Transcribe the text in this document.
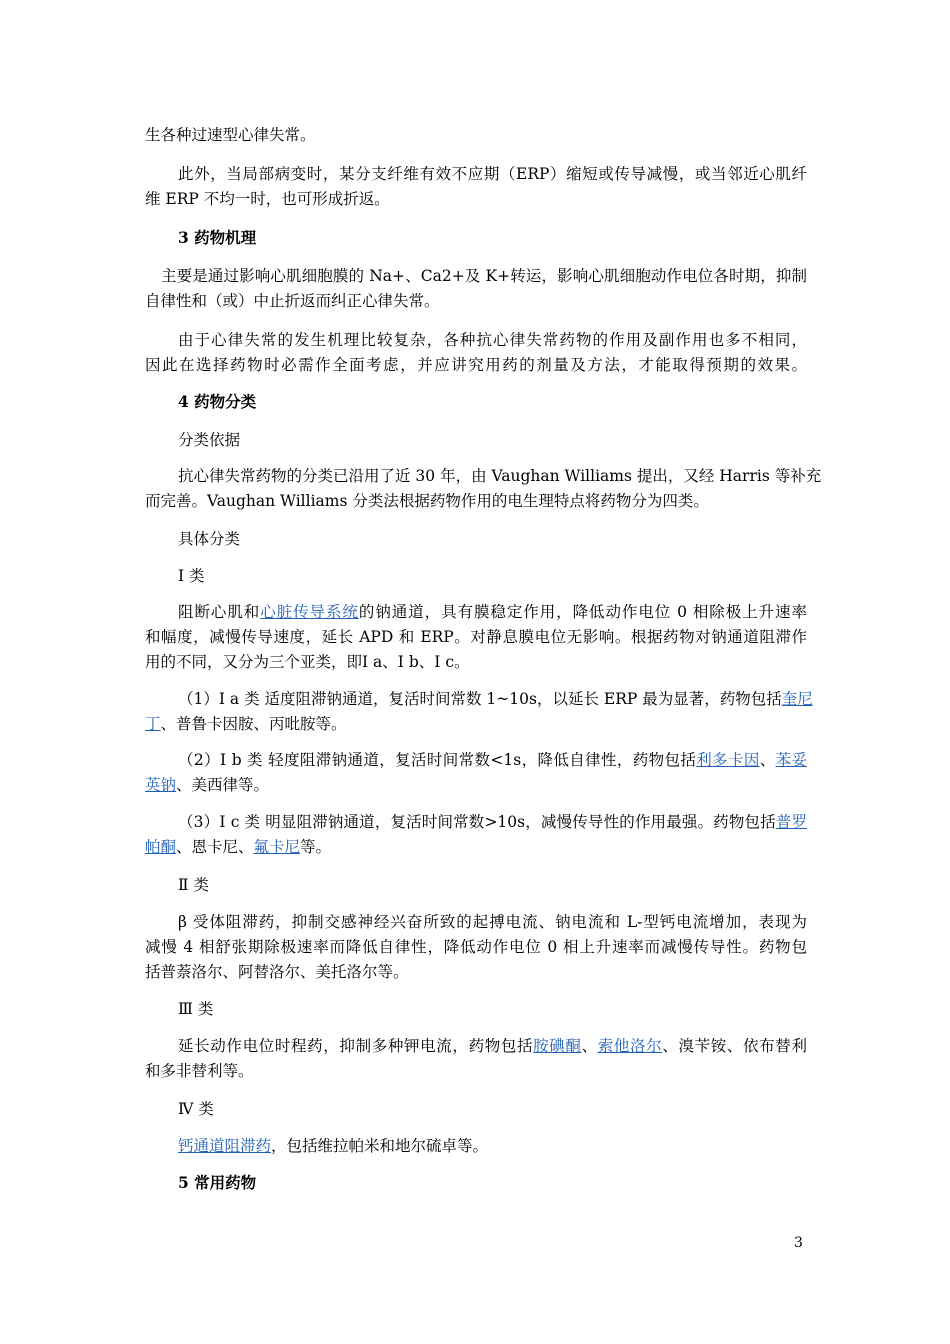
生各种过速型心律失常。
此外，当局部病变时，某分支纤维有效不应期（ERP）缩短或传导减慢，或当邻近心肌纤
维 ERP 不均一时，也可形成折返。
3 药物机理
主要是通过影响心肌细胞膜的 Na+、Ca2+及 K+转运，影响心肌细胞动作电位各时期，抑制
自律性和（或）中止折返而纠正心律失常。
由于心律失常的发生机理比较复杂，各种抗心律失常药物的作用及副作用也多不相同，
因此在选择药物时必需作全面考虑，并应讲究用药的剂量及方法，才能取得预期的效果。
4 药物分类
分类依据
抗心律失常药物的分类已沿用了近 30 年，由 Vaughan Williams 提出，又经 Harris 等补充
而完善。Vaughan Williams 分类法根据药物作用的电生理特点将药物分为四类。
具体分类
Ⅰ 类
阻断心肌和心脏传导系统的钠通道，具有膜稳定作用，降低动作电位 0 相除极上升速率
和幅度，减慢传导速度，延长 APD 和 ERP。对静息膜电位无影响。根据药物对钠通道阻滞作
用的不同，又分为三个亚类，即Ⅰ a、Ⅰ b、Ⅰ c。
（1）Ⅰ a 类 适度阻滞钠通道，复活时间常数 1~10s，以延长 ERP 最为显著，药物包括奎尼
丁、普鲁卡因胺、丙吡胺等。
（2）Ⅰ b 类 轻度阻滞钠通道，复活时间常数<1s，降低自律性，药物包括利多卡因、苯妥
英钠、美西律等。
（3）Ⅰ c 类 明显阻滞钠通道，复活时间常数>10s，减慢传导性的作用最强。药物包括普罗
帕酮、恩卡尼、氟卡尼等。
Ⅱ 类
β 受体阻滞药，抑制交感神经兴奋所致的起搏电流、钠电流和 L-型钙电流增加，表现为
减慢 4 相舒张期除极速率而降低自律性，降低动作电位 0 相上升速率而减慢传导性。药物包
括普萘洛尔、阿替洛尔、美托洛尔等。
Ⅲ 类
延长动作电位时程药，抑制多种钾电流，药物包括胺碘酮、索他洛尔、溴苄铵、依布替利
和多非替利等。
Ⅳ 类
钙通道阻滞药，包括维拉帕米和地尔硫卓等。
5 常用药物
3
